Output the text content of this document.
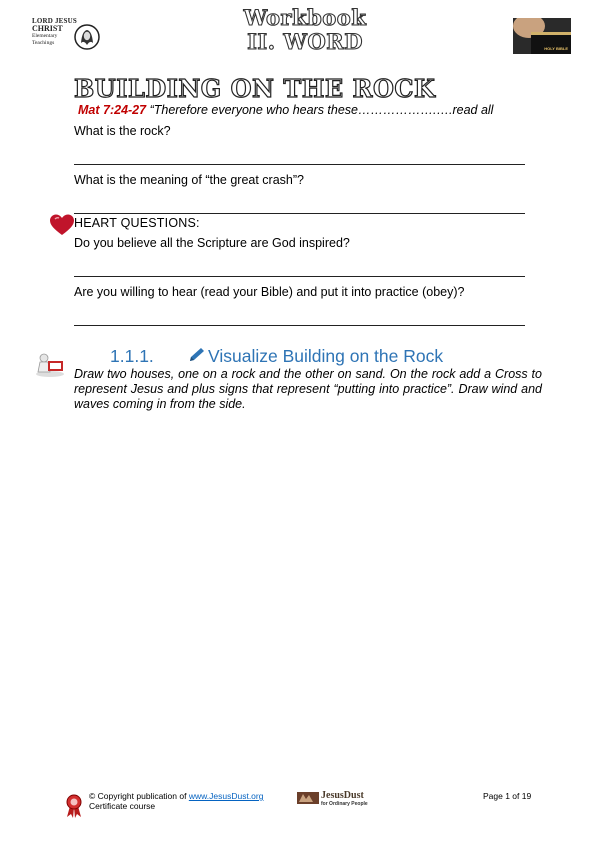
LORD JESUS
CHRIST
Elementary
Teachings
Workbook
II. WORD	HOLY BIBLE
BUILDING ON THE ROCK
Mat 7:24-27 “Therefore everyone who hears these……………….….read all
What is the rock?
What is the meaning of “the great crash”?
HEART QUESTIONS:
Do you believe all the Scripture are God inspired?
Are you willing to hear (read your Bible) and put it into practice (obey)?
1.1.1.	Visualize Building on the Rock
Draw two houses, one on a rock and the other on sand. On the rock add a Cross to represent Jesus and plus signs that represent “putting into practice”. Draw wind and waves coming in from the side.
© Copyright publication of www.JesusDust.org
Certificate course
JesusDust
for Ordinary People
Page 1 of 19
